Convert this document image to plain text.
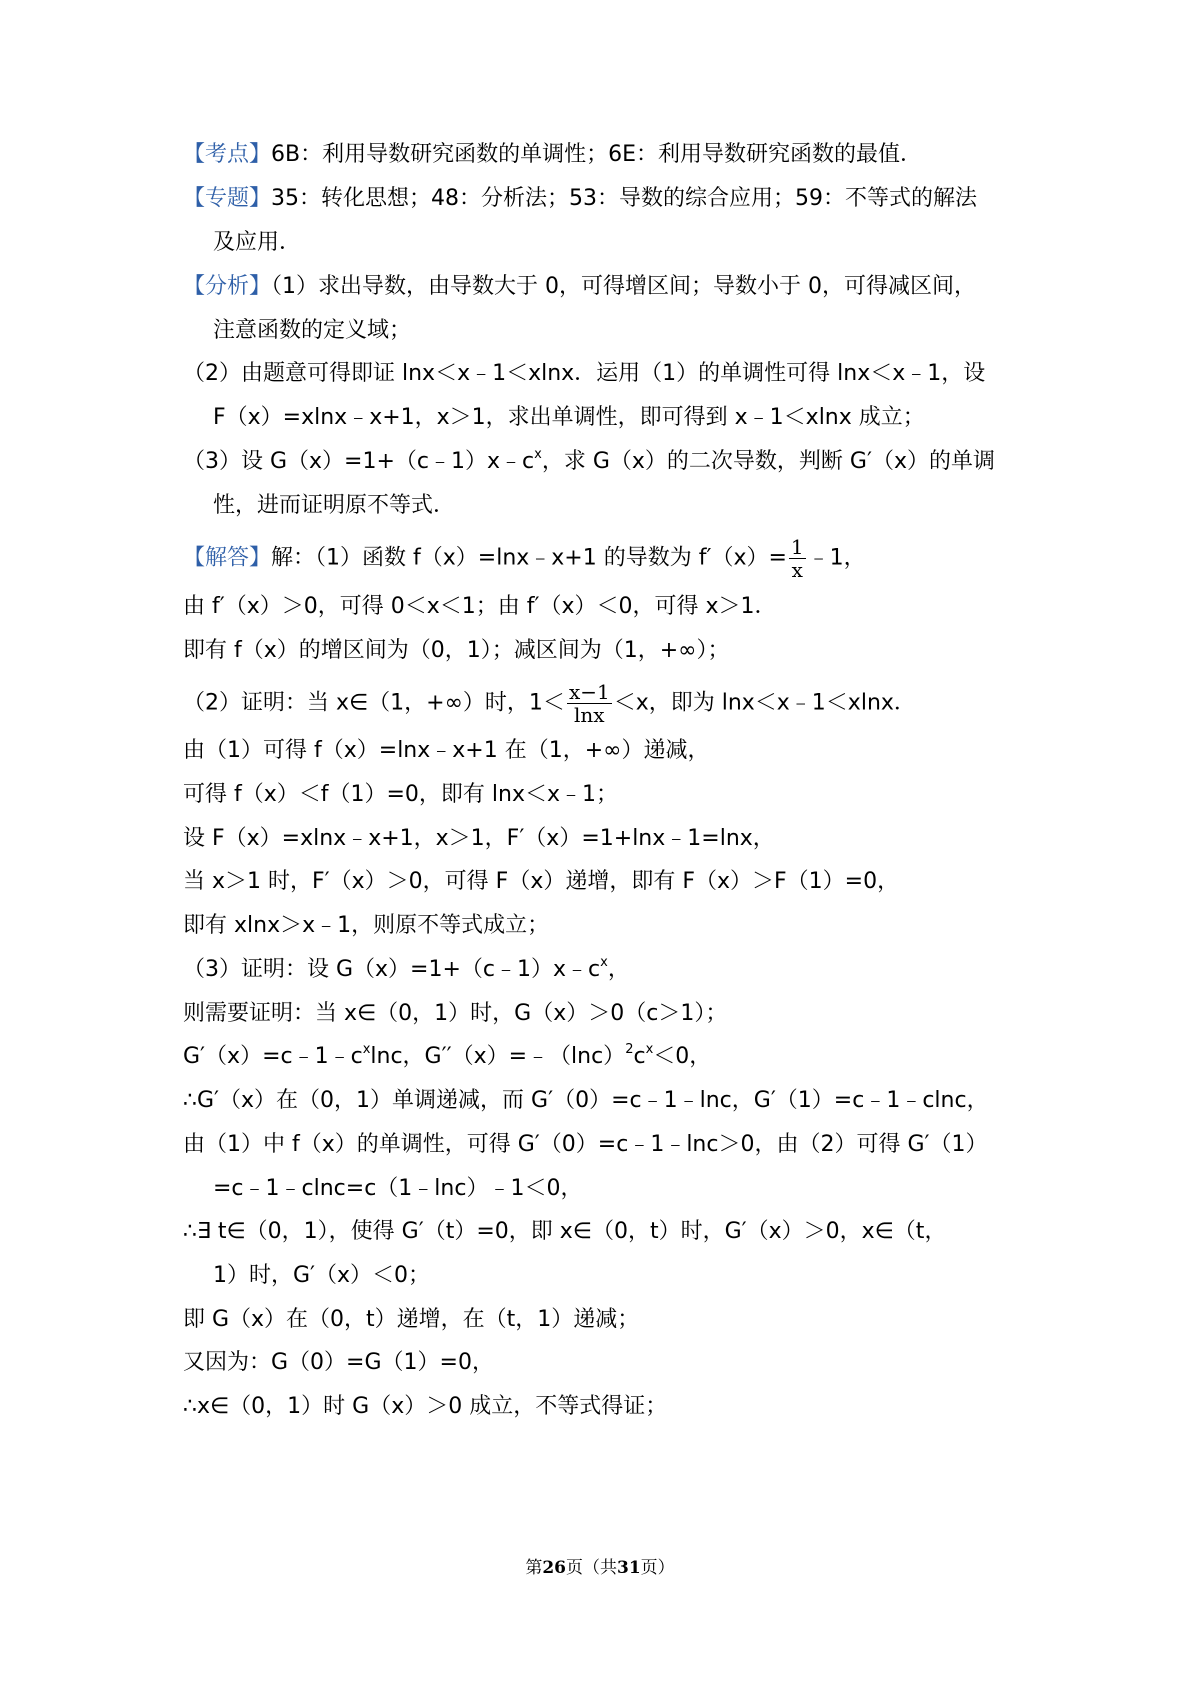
【考点】6B：利用导数研究函数的单调性；6E：利用导数研究函数的最值．
【专题】35：转化思想；48：分析法；53：导数的综合应用；59：不等式的解法
及应用．
【分析】（1）求出导数，由导数大于 0，可得增区间；导数小于 0，可得减区间，
注意函数的定义域；
（2）由题意可得即证 lnx＜x﹣1＜xlnx．运用（1）的单调性可得 lnx＜x﹣1，设
F（x）=xlnx﹣x+1，x＞1，求出单调性，即可得到 x﹣1＜xlnx 成立；
（3）设 $G(x)=1+(c﹣1)x﹣c^x$，求 G（x）的二次导数，判断 G′（x）的单调
性，进而证明原不等式．
【解答】解：（1）函数 f（x）=lnx﹣x+1 的导数为 $f'(x)= \frac{1}{x}$ ﹣1，
由 f′（x）＞0，可得 0＜x＜1；由 f′（x）＜0，可得 x＞1．
即有 f（x）的增区间为（0，1）；减区间为（1，+∞）；
（2）证明：当 x∈（1，+∞）时，$1< \frac{x-1}{\ln x} <x$，即为 lnx＜x﹣1＜xlnx．
由（1）可得 f（x）=lnx﹣x+1 在（1，+∞）递减，
可得 f（x）＜f（1）=0，即有 lnx＜x﹣1；
设 F（x）=xlnx﹣x+1，x＞1，F′（x）=1+lnx﹣1=lnx，
当 x＞1 时，F′（x）＞0，可得 F（x）递增，即有 F（x）＞F（1）=0，
即有 xlnx＞x﹣1，则原不等式成立；
（3）证明：设 $G(x)=1+(c﹣1)x﹣c^x$，
则需要证明：当 x∈（0，1）时，G（x）＞0（c＞1）；
$G'(x)=c﹣1﹣c^x\ln c$，$G''(x)=﹣(\ln c)^2c^x<0$，
∴G′（x）在（0，1）单调递减，而 G′（0）=c﹣1﹣lnc，G′（1）=c﹣1﹣clnc，
由（1）中 f（x）的单调性，可得 G′（0）=c﹣1﹣lnc＞0，由（2）可得 G′（1）
=c﹣1﹣clnc=c（1﹣lnc）﹣1＜0，
∴∃ t∈（0，1），使得 G′（t）=0，即 x∈（0，t）时，G′（x）＞0，x∈（t，
1）时，G′（x）＜0；
即 G（x）在（0，t）递增，在（t，1）递减；
又因为：G（0）=G（1）=0，
∴x∈（0，1）时 G（x）＞0 成立，不等式得证；
第26页（共31页）
